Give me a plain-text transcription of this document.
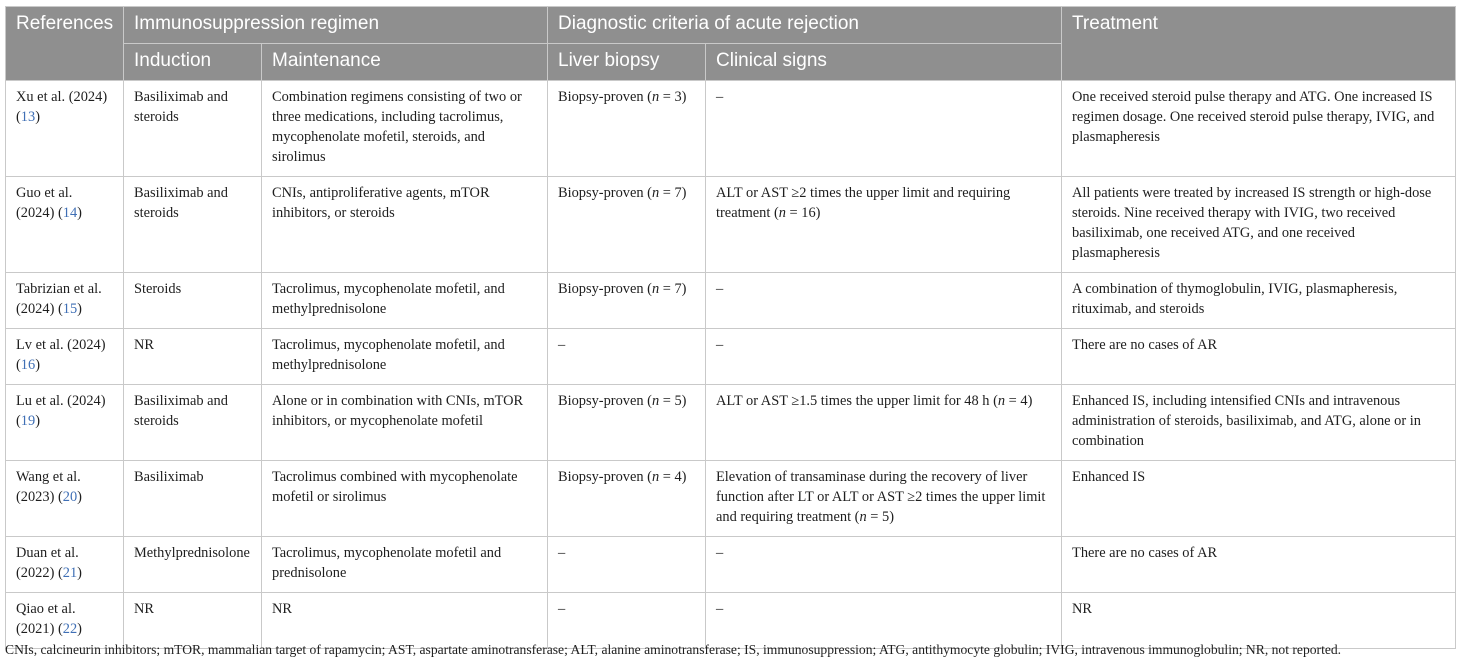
References	Immunosuppression regimen		Diagnostic criteria of acute rejection		Treatment
	Induction	Maintenance	Liver biopsy	Clinical signs	
Xu et al. (2024) (13)	Basiliximab and steroids	Combination regimens consisting of two or three medications, including tacrolimus, mycophenolate mofetil, steroids, and sirolimus	Biopsy-proven (n = 3)	–	One received steroid pulse therapy and ATG. One increased IS regimen dosage. One received steroid pulse therapy, IVIG, and plasmapheresis
Guo et al. (2024) (14)	Basiliximab and steroids	CNIs, antiproliferative agents, mTOR inhibitors, or steroids	Biopsy-proven (n = 7)	ALT or AST ≥2 times the upper limit and requiring treatment (n = 16)	All patients were treated by increased IS strength or high-dose steroids. Nine received therapy with IVIG, two received basiliximab, one received ATG, and one received plasmapheresis
Tabrizian et al. (2024) (15)	Steroids	Tacrolimus, mycophenolate mofetil, and methylprednisolone	Biopsy-proven (n = 7)	–	A combination of thymoglobulin, IVIG, plasmapheresis, rituximab, and steroids
Lv et al. (2024) (16)	NR	Tacrolimus, mycophenolate mofetil, and methylprednisolone	–	–	There are no cases of AR
Lu et al. (2024) (19)	Basiliximab and steroids	Alone or in combination with CNIs, mTOR inhibitors, or mycophenolate mofetil	Biopsy-proven (n = 5)	ALT or AST ≥1.5 times the upper limit for 48 h (n = 4)	Enhanced IS, including intensified CNIs and intravenous administration of steroids, basiliximab, and ATG, alone or in combination
Wang et al. (2023) (20)	Basiliximab	Tacrolimus combined with mycophenolate mofetil or sirolimus	Biopsy-proven (n = 4)	Elevation of transaminase during the recovery of liver function after LT or ALT or AST ≥2 times the upper limit and requiring treatment (n = 5)	Enhanced IS
Duan et al. (2022) (21)	Methylprednisolone	Tacrolimus, mycophenolate mofetil and prednisolone	–	–	There are no cases of AR
Qiao et al. (2021) (22)	NR	NR	–	–	NR
CNIs, calcineurin inhibitors; mTOR, mammalian target of rapamycin; AST, aspartate aminotransferase; ALT, alanine aminotransferase; IS, immunosuppression; ATG, antithymocyte globulin; IVIG, intravenous immunoglobulin; NR, not reported.
